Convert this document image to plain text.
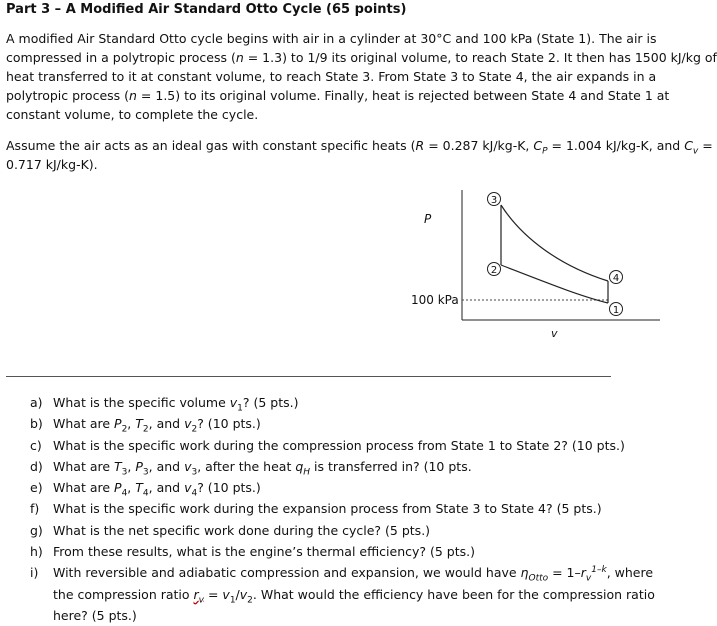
Part 3 – A Modified Air Standard Otto Cycle (65 points)

A modified Air Standard Otto cycle begins with air in a cylinder at 30°C and 100 kPa (State 1). The air is
compressed in a polytropic process (n = 1.3) to 1/9 its original volume, to reach State 2. It then has 1500 kJ/kg of
heat transferred to it at constant volume, to reach State 3. From State 3 to State 4, the air expands in a
polytropic process (n = 1.5) to its original volume. Finally, heat is rejected between State 4 and State 1 at
constant volume, to complete the cycle.

Assume the air acts as an ideal gas with constant specific heats (R = 0.287 kJ/kg-K, $C_P = 1.004$ kJ/kg-K, and $C_v$ =
0.717 kJ/kg-K).

P
v
100 kPa
3
2
4
1
a) What is the specific volume $v_1$? (5 pts.)
b) What are $P_2$, $T_2$, and $v_2$? (10 pts.)
c) What is the specific work during the compression process from State 1 to State 2? (10 pts.)
d) What are $T_3$, $P_3$, and $v_3$, after the heat $q_H$ is transferred in? (10 pts.
e) What are $P_4$, $T_4$, and $v_4$? (10 pts.)
f) What is the specific work during the expansion process from State 3 to State 4? (5 pts.)
g) What is the net specific work done during the cycle? (5 pts.)
h) From these results, what is the engine’s thermal efficiency? (5 pts.)
i) With reversible and adiabatic compression and expansion, we would have $\eta_{Otto} = 1-r_v^{1-k}$, where
the compression ratio $r_v = v_1/v_2$. What would the efficiency have been for the compression ratio
here? (5 pts.)
